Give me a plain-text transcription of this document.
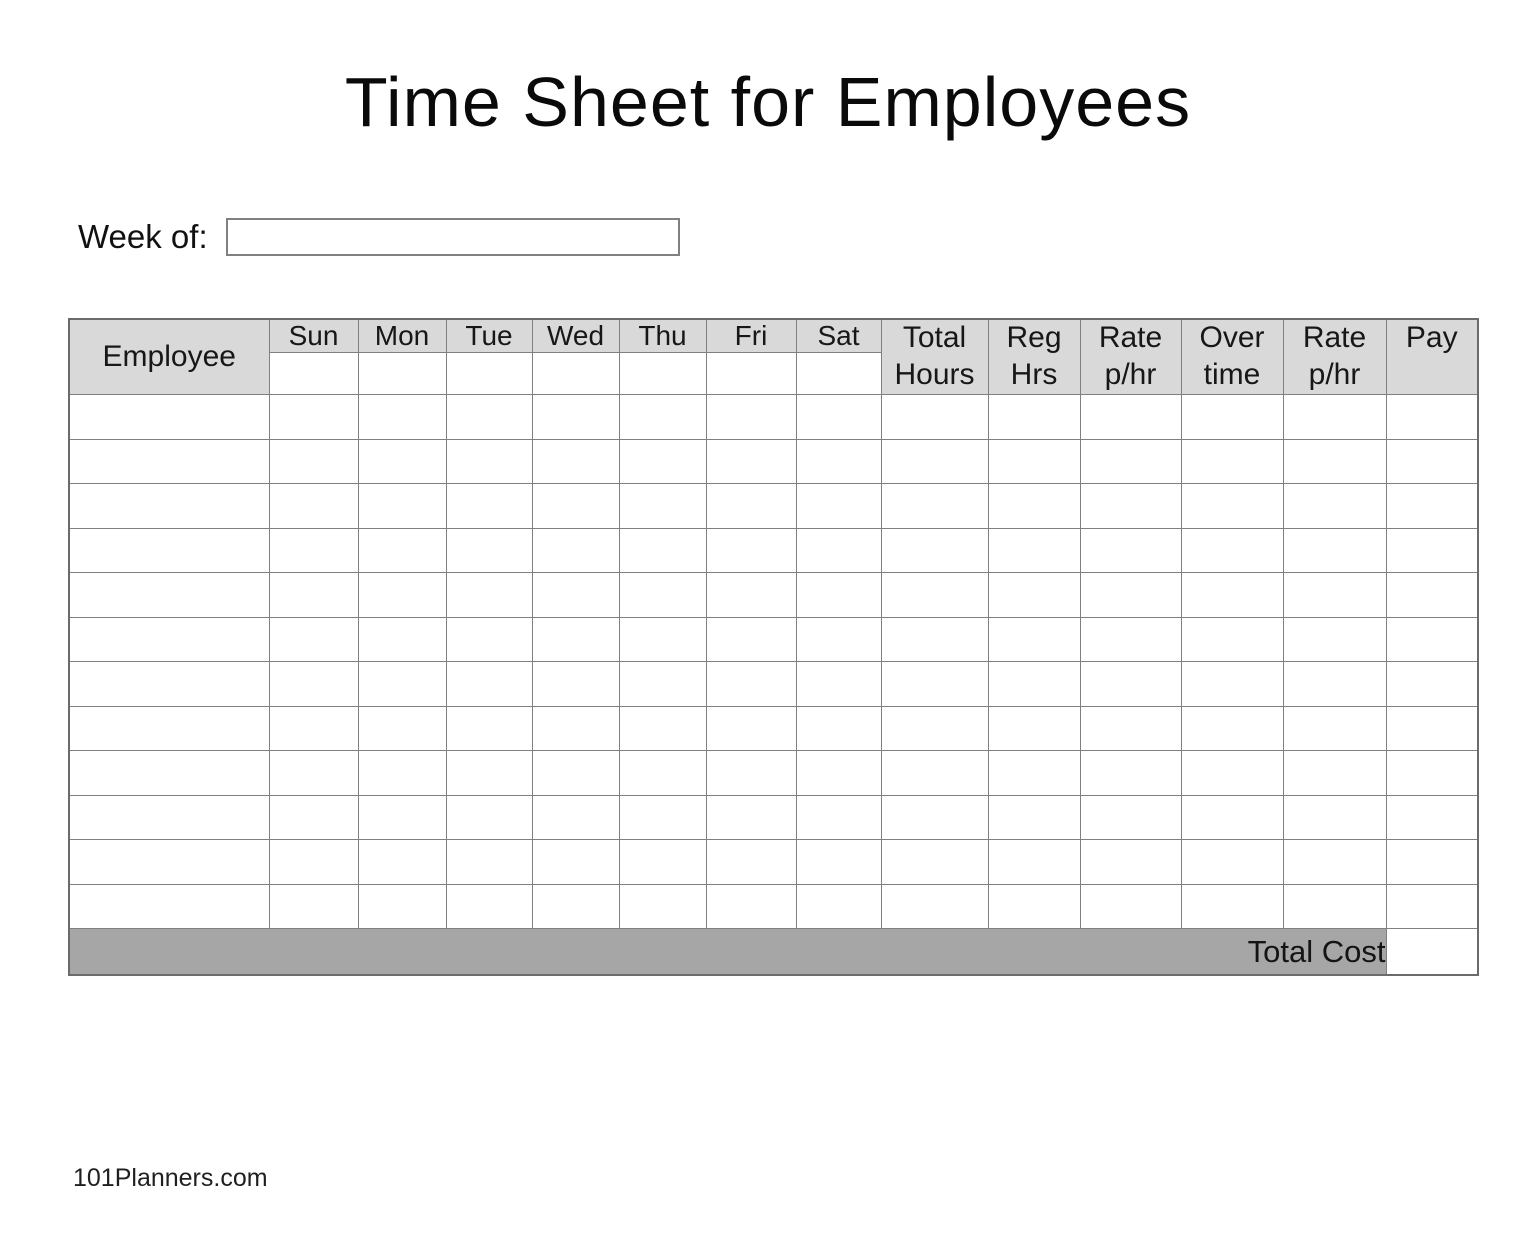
Time Sheet for Employees
Week of:
Employee	Sun	Mon	Tue	Wed	Thu	Fri	Sat	Total Hours	Reg Hrs	Rate p/hr	Over time	Rate p/hr	Pay

Total Cost													
101Planners.com
